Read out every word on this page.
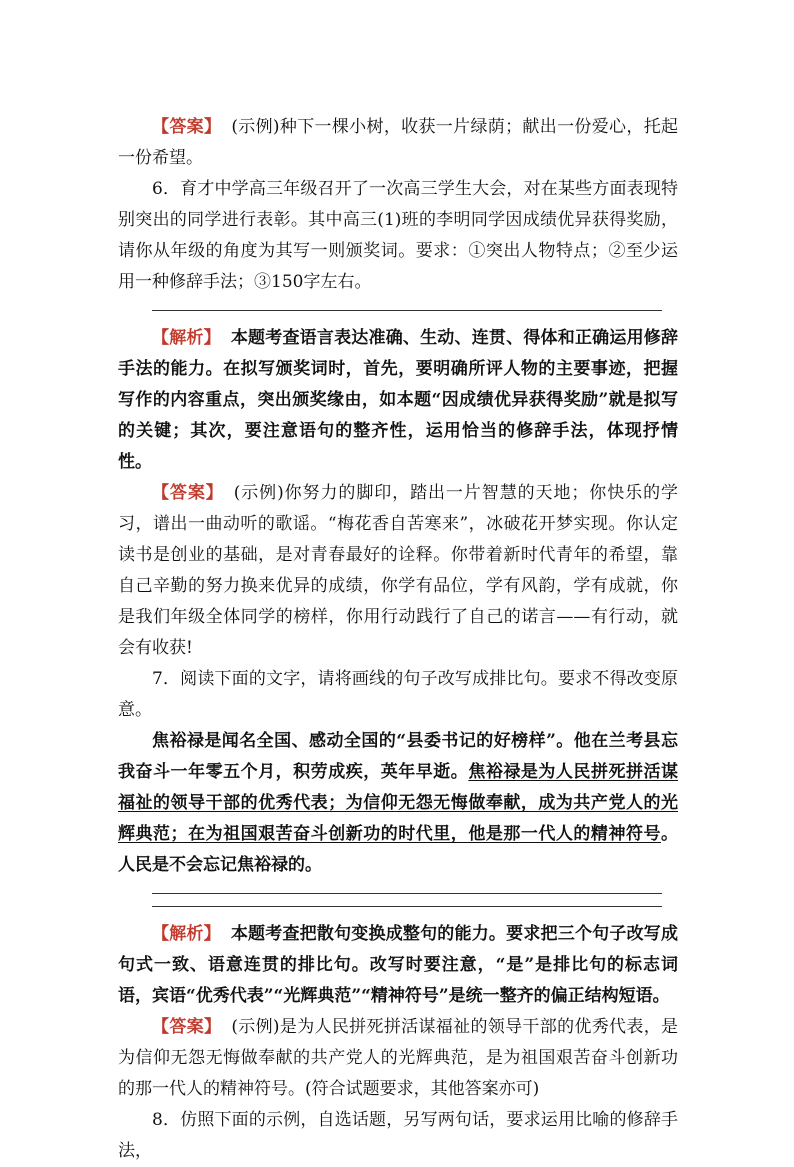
【答案】 (示例)种下一棵小树，收获一片绿荫；献出一份爱心，托起一份希望。

6．育才中学高三年级召开了一次高三学生大会，对在某些方面表现特别突出的同学进行表彰。其中高三(1)班的李明同学因成绩优异获得奖励，请你从年级的角度为其写一则颁奖词。要求：①突出人物特点；②至少运用一种修辞手法；③150字左右。

【解析】 本题考查语言表达准确、生动、连贯、得体和正确运用修辞手法的能力。在拟写颁奖词时，首先，要明确所评人物的主要事迹，把握写作的内容重点，突出颁奖缘由，如本题“因成绩优异获得奖励”就是拟写的关键；其次，要注意语句的整齐性，运用恰当的修辞手法，体现抒情性。

【答案】 (示例)你努力的脚印，踏出一片智慧的天地；你快乐的学习，谱出一曲动听的歌谣。“梅花香自苦寒来”，冰破花开梦实现。你认定读书是创业的基础，是对青春最好的诠释。你带着新时代青年的希望，靠自己辛勤的努力换来优异的成绩，你学有品位，学有风韵，学有成就，你是我们年级全体同学的榜样，你用行动践行了自己的诺言——有行动，就会有收获!

7．阅读下面的文字，请将画线的句子改写成排比句。要求不得改变原意。

焦裕禄是闻名全国、感动全国的“县委书记的好榜样”。他在兰考县忘我奋斗一年零五个月，积劳成疾，英年早逝。焦裕禄是为人民拼死拼活谋福祉的领导干部的优秀代表；为信仰无怨无悔做奉献，成为共产党人的光辉典范；在为祖国艰苦奋斗创新功的时代里，他是那一代人的精神符号。人民是不会忘记焦裕禄的。

【解析】 本题考查把散句变换成整句的能力。要求把三个句子改写成句式一致、语意连贯的排比句。改写时要注意，“是”是排比句的标志词语，宾语“优秀代表”“光辉典范”“精神符号”是统一整齐的偏正结构短语。

【答案】 (示例)是为人民拼死拼活谋福祉的领导干部的优秀代表，是为信仰无怨无悔做奉献的共产党人的光辉典范，是为祖国艰苦奋斗创新功的那一代人的精神符号。(符合试题要求，其他答案亦可)

8．仿照下面的示例，自选话题，另写两句话，要求运用比喻的修辞手法，
